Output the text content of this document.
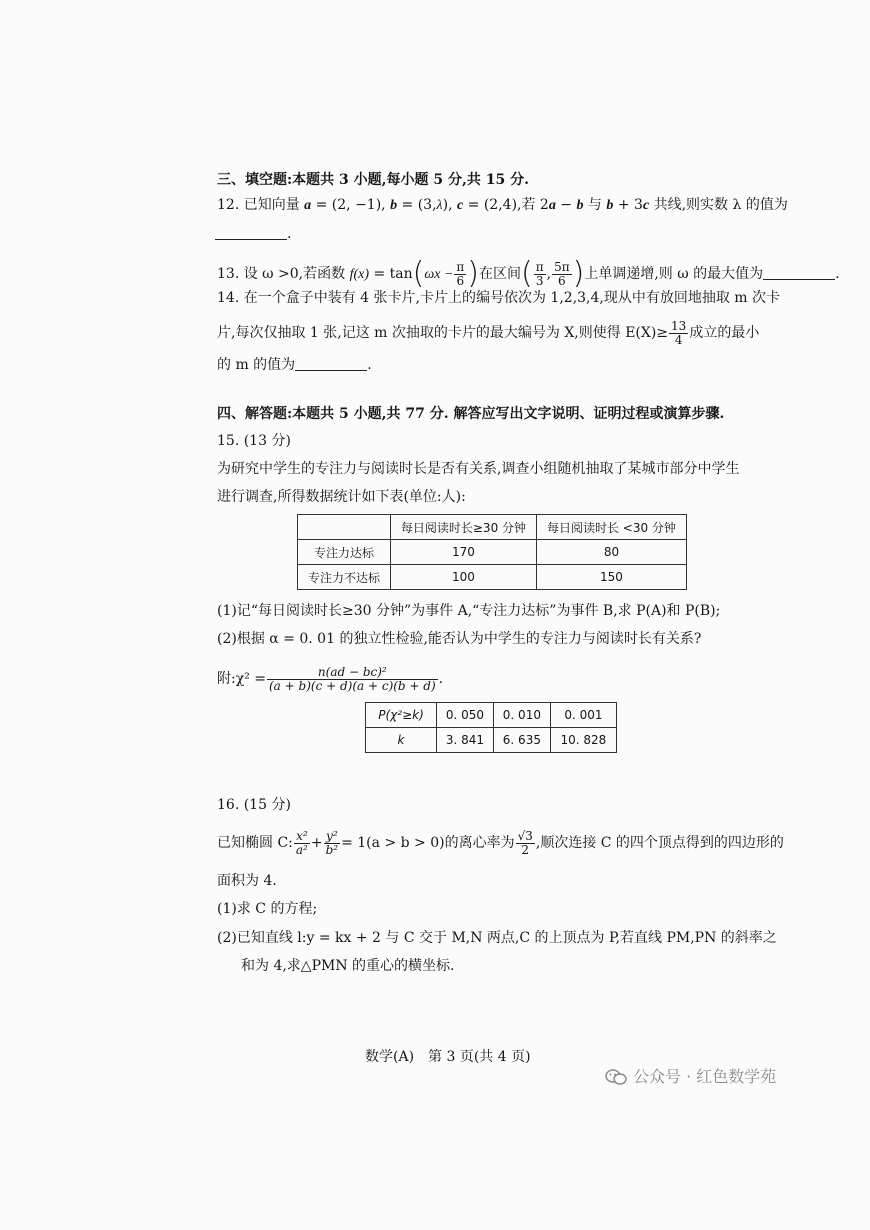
三、填空题:本题共 3 小题,每小题 5 分,共 15 分.
12. 已知向量 a = (2, −1), b = (3,λ), c = (2,4),若 2a − b 与 b + 3c 共线,则实数 λ 的值为
.
13. 设 ω >0,若函数 $f(x) = \tan(\omega x - \frac{\pi}{6}$ )在区间( $\frac{\pi}{3}$ , $\frac{5\pi}{6}$ )上单调递增,则 ω 的最大值为	.
14. 在一个盒子中装有 4 张卡片,卡片上的编号依次为 1,2,3,4,现从中有放回地抽取 m 次卡
片,每次仅抽取 1 张,记这 m 次抽取的卡片的最大编号为 X,则使得 $E(X)\ge \frac{13}{4}$ 成立的最小
的 m 的值为	.
四、解答题:本题共 5 小题,共 77 分. 解答应写出文字说明、证明过程或演算步骤.
15. (13 分)
为研究中学生的专注力与阅读时长是否有关系,调查小组随机抽取了某城市部分中学生
进行调查,所得数据统计如下表(单位:人):
	每日阅读时长≥30 分钟	每日阅读时长 <30 分钟
专注力达标	170	80
专注力不达标	100	150
(1)记“每日阅读时长≥30 分钟”为事件 A,“专注力达标”为事件 B,求 P(A)和 P(B);
(2)根据 α = 0. 01 的独立性检验,能否认为中学生的专注力与阅读时长有关系?
附:χ² = $\frac{\text{n(ad − bc)²}}{(a + b)(c + d)(a + c)(b + d)}$ .
P(χ²≥k)	0. 050	0. 010	0. 001
k	3. 841	6. 635	10. 828
16. (15 分)
已知椭圆 C: $\frac{\text{x²}}{\text{a²}} + \frac{\text{y²}}{\text{b²}} = 1(a > b > 0)$的离心率为 $\frac{√3}{2}$ ,顺次连接 C 的四个顶点得到的四边形的
面积为 4.
(1)求 C 的方程;
(2)已知直线 l:y = kx + 2 与 C 交于 M,N 两点,C 的上顶点为 P,若直线 PM,PN 的斜率之
和为 4,求△PMN 的重心的横坐标.
数学(A)　第 3 页(共 4 页)
公众号 · 红色数学苑
